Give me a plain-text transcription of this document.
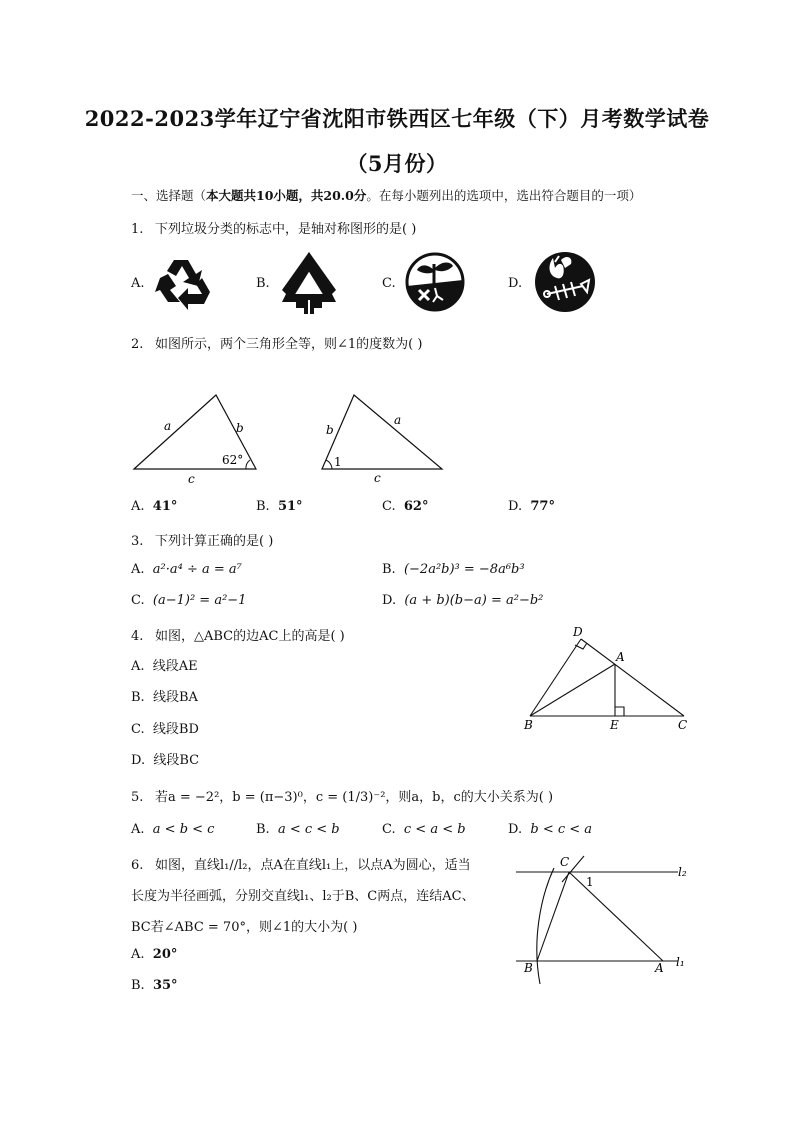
2022-2023学年辽宁省沈阳市铁西区七年级（下）月考数学试卷
（5月份）
一、选择题（本大题共10小题，共20.0分。在每小题列出的选项中，选出符合题目的一项）
1. 下列垃圾分类的标志中，是轴对称图形的是( )
A.	B.	C.	D.
2. 如图所示，两个三角形全等，则∠1的度数为( )
a	b
c
62°
b
a
c
1
A. 41°	B. 51°	C. 62°	D. 77°
3. 下列计算正确的是( )
A. a²·a⁴ ÷ a = a⁷	B. (−2a²b)³ = −8a⁶b³
C. (a−1)² = a²−1	D. (a + b)(b−a) = a²−b²
4. 如图，△ABC的边AC上的高是( )
A. 线段AE
B. 线段BA
C. 线段BD
D. 线段BC
D
A
B	E	C
5. 若a = −2²，b = (π−3)⁰，c = (1/3)⁻²，则a，b，c的大小关系为( )
A. a < b < c	B. a < c < b	C. c < a < b	D. b < c < a
6. 如图，直线l₁//l₂，点A在直线l₁上，以点A为圆心，适当
长度为半径画弧，分别交直线l₁、l₂于B、C两点，连结AC、
BC若∠ABC = 70°，则∠1的大小为( )
A. 20°
B. 35°
C
l₂
1
B	A l₁
